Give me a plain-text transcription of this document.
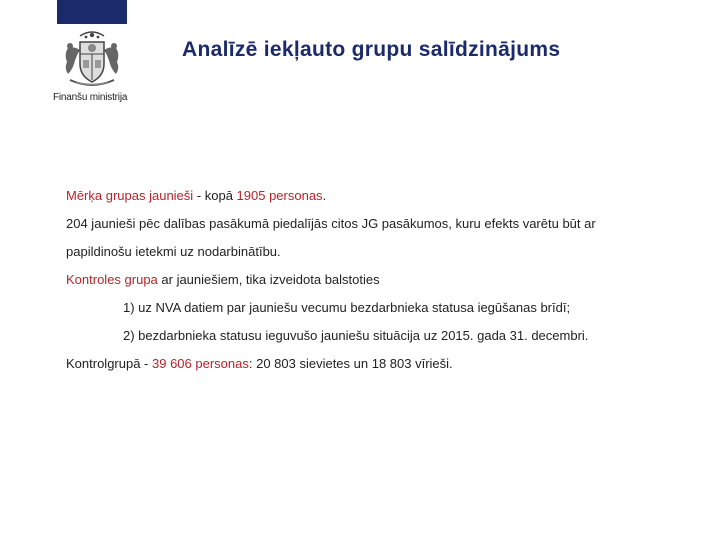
Finanšu ministrija
Analīzē iekļauto grupu salīdzinājums
Mērķa grupas jaunieši - kopā 1905 personas.
204 jaunieši pēc dalības pasākumā piedalījās citos JG pasākumos, kuru efekts varētu būt ar
papildinošu ietekmi uz nodarbinātību.
Kontroles grupa ar jauniešiem, tika izveidota balstoties
1) uz NVA datiem par jauniešu vecumu bezdarbnieka statusa iegūšanas brīdī;
2) bezdarbnieka statusu ieguvušo jauniešu situācija uz 2015. gada 31. decembri.
Kontrolgrupā - 39 606 personas: 20 803 sievietes un 18 803 vīrieši.
